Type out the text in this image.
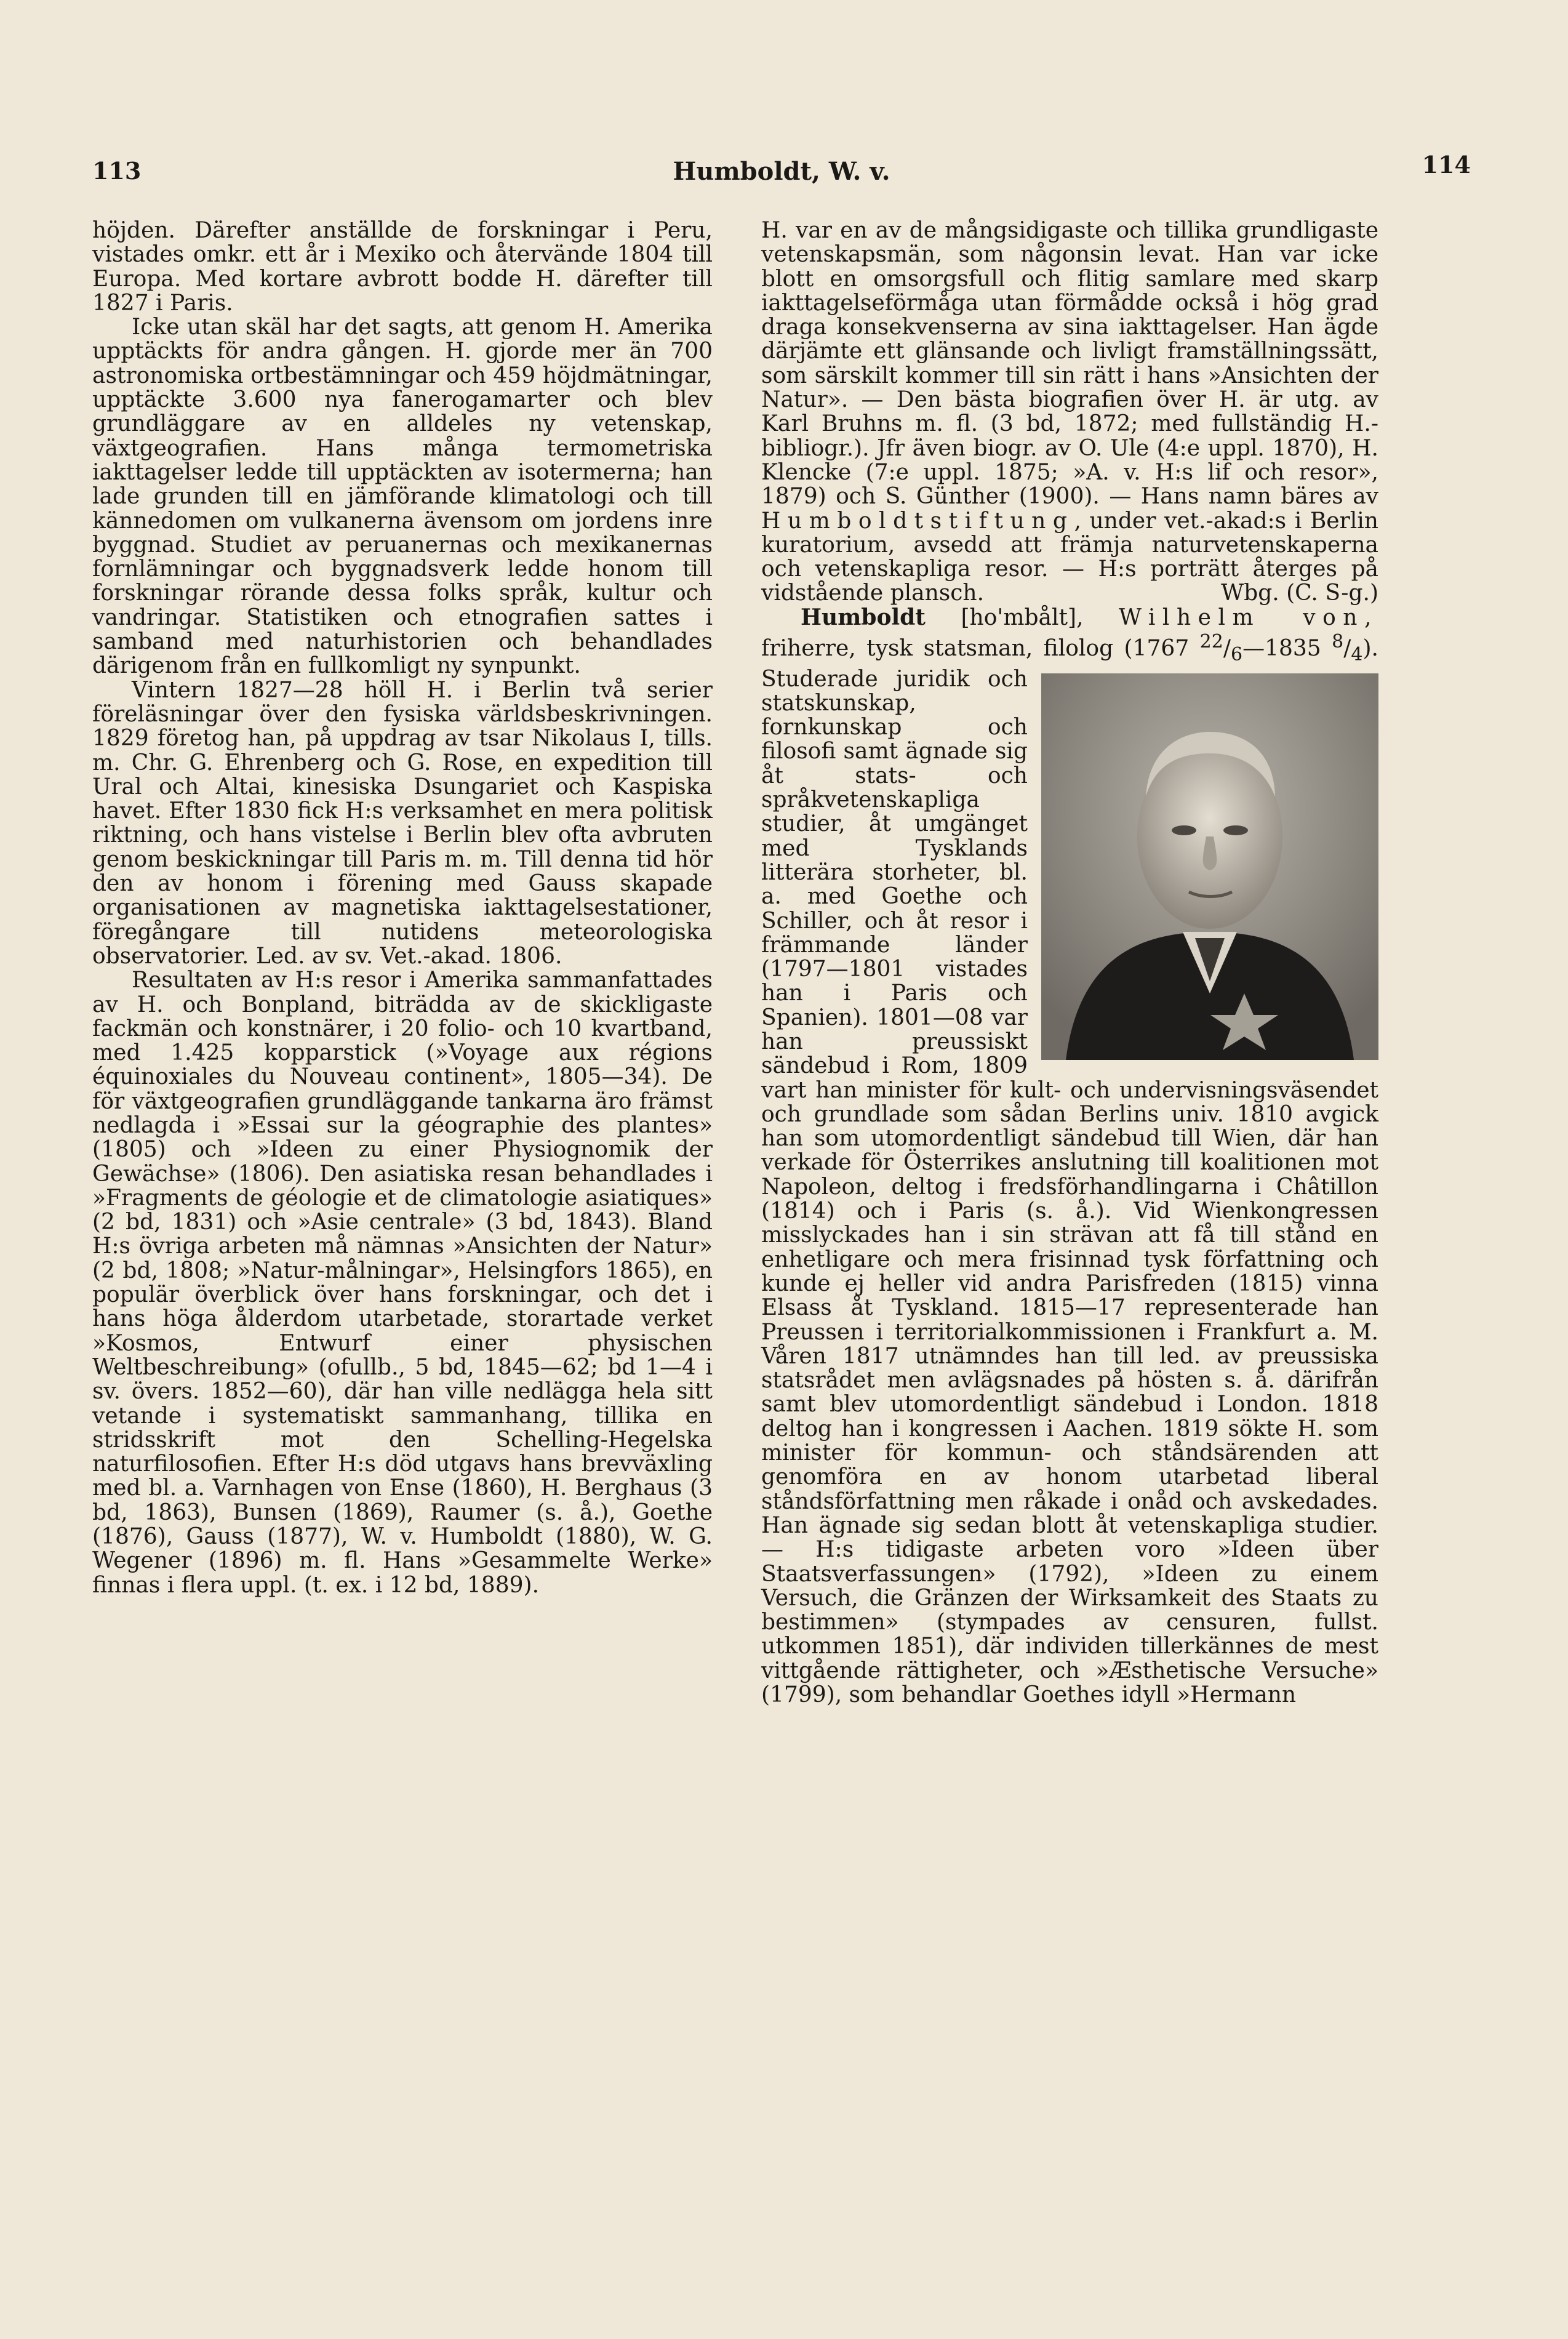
113	Humboldt, W. v.	114

höjden. Därefter anställde de forskningar i Peru, vistades omkr. ett år i Mexiko och återvände 1804 till Europa. Med kortare avbrott bodde H. därefter till 1827 i Paris.

Icke utan skäl har det sagts, att genom H. Amerika upptäckts för andra gången. H. gjorde mer än 700 astronomiska ortbestämningar och 459 höjdmätningar, upptäckte 3.600 nya fanerogamarter och blev grundläggare av en alldeles ny vetenskap, växtgeografien. Hans många termometriska iakttagelser ledde till upptäckten av isotermerna; han lade grunden till en jämförande klimatologi och till kännedomen om vulkanerna ävensom om jordens inre byggnad. Studiet av peruanernas och mexikanernas fornlämningar och byggnadsverk ledde honom till forskningar rörande dessa folks språk, kultur och vandringar. Statistiken och etnografien sattes i samband med naturhistorien och behandlades därigenom från en fullkomligt ny synpunkt.

Vintern 1827—28 höll H. i Berlin två serier föreläsningar över den fysiska världsbeskrivningen. 1829 företog han, på uppdrag av tsar Nikolaus I, tills. m. Chr. G. Ehrenberg och G. Rose, en expedition till Ural och Altai, kinesiska Dsungariet och Kaspiska havet. Efter 1830 fick H:s verksamhet en mera politisk riktning, och hans vistelse i Berlin blev ofta avbruten genom beskickningar till Paris m. m. Till denna tid hör den av honom i förening med Gauss skapade organisationen av magnetiska iakttagelsestationer, föregångare till nutidens meteorologiska observatorier. Led. av sv. Vet.-akad. 1806.

Resultaten av H:s resor i Amerika sammanfattades av H. och Bonpland, biträdda av de skickligaste fackmän och konstnärer, i 20 folio- och 10 kvartband, med 1.425 kopparstick (»Voyage aux régions équinoxiales du Nouveau continent», 1805—34). De för växtgeografien grundläggande tankarna äro främst nedlagda i »Essai sur la géographie des plantes» (1805) och »Ideen zu einer Physiognomik der Gewächse» (1806). Den asiatiska resan behandlades i »Fragments de géologie et de climatologie asiatiques» (2 bd, 1831) och »Asie centrale» (3 bd, 1843). Bland H:s övriga arbeten må nämnas »Ansichten der Natur» (2 bd, 1808; »Natur-målningar», Helsingfors 1865), en populär överblick över hans forskningar, och det i hans höga ålderdom utarbetade, storartade verket »Kosmos, Entwurf einer physischen Weltbeschreibung» (ofullb., 5 bd, 1845—62; bd 1—4 i sv. övers. 1852—60), där han ville nedlägga hela sitt vetande i systematiskt sammanhang, tillika en stridsskrift mot den Schelling-Hegelska naturfilosofien. Efter H:s död utgavs hans brevväxling med bl. a. Varnhagen von Ense (1860), H. Berghaus (3 bd, 1863), Bunsen (1869), Raumer (s. å.), Goethe (1876), Gauss (1877), W. v. Humboldt (1880), W. G. Wegener (1896) m. fl. Hans »Gesammelte Werke» finnas i flera uppl. (t. ex. i 12 bd, 1889).

H. var en av de mångsidigaste och tillika grundligaste vetenskapsmän, som någonsin levat. Han var icke blott en omsorgsfull och flitig samlare med skarp iakttagelseförmåga utan förmådde också i hög grad draga konsekvenserna av sina iakttagelser. Han ägde därjämte ett glänsande och livligt framställningssätt, som särskilt kommer till sin rätt i hans »Ansichten der Natur». — Den bästa biografien över H. är utg. av Karl Bruhns m. fl. (3 bd, 1872; med fullständig H.-bibliogr.). Jfr även biogr. av O. Ule (4:e uppl. 1870), H. Klencke (7:e uppl. 1875; »A. v. H:s lif och resor», 1879) och S. Günther (1900). — Hans namn bäres av Humboldtstiftung, under vet.-akad:s i Berlin kuratorium, avsedd att främja naturvetenskaperna och vetenskapliga resor. — H:s porträtt återges på vidstående plansch.	Wbg. (C. S-g.)

Humboldt [ho'mbålt], Wilhelm von, friherre, tysk statsman, filolog (1767 $^{22}/_6—1835$ $^8/_4$
). Studerade juridik och statskunskap, fornkunskap och filosofi samt ägnade sig åt stats- och språkvetenskapliga studier, åt umgänget med Tysklands litterära storheter, bl. a. med Goethe och Schiller, och åt resor i främmande länder (1797—1801 vistades han i Paris och Spanien). 1801—08 var han preussiskt sändebud i Rom, 1809 vart han minister för kult- och undervisningsväsendet och grundlade som sådan Berlins univ. 1810 avgick han som utomordentligt sändebud till Wien, där han verkade för Österrikes anslutning till koalitionen mot Napoleon, deltog i fredsförhandlingarna i Châtillon (1814) och i Paris (s. å.). Vid Wienkongressen misslyckades han i sin strävan att få till stånd en enhetligare och mera frisinnad tysk författning och kunde ej heller vid andra Parisfreden (1815) vinna Elsass åt Tyskland. 1815—17 representerade han Preussen i territorialkommissionen i Frankfurt a. M. Våren 1817 utnämndes han till led. av preussiska statsrådet men avlägsnades på hösten s. å. därifrån samt blev utomordentligt sändebud i London. 1818 deltog han i kongressen i Aachen. 1819 sökte H. som minister för kommun- och ståndsärenden att genomföra en av honom utarbetad liberal ståndsförfattning men råkade i onåd och avskedades. Han ägnade sig sedan blott åt vetenskapliga studier. — H:s tidigaste arbeten voro »Ideen über Staatsverfassungen» (1792), »Ideen zu einem Versuch, die Gränzen der Wirksamkeit des Staats zu bestimmen» (stympades av censuren, fullst. utkommen 1851), där individen tillerkännes de mest vittgående rättigheter, och »Æsthetische Versuche» (1799), som behandlar Goethes idyll »Hermann
